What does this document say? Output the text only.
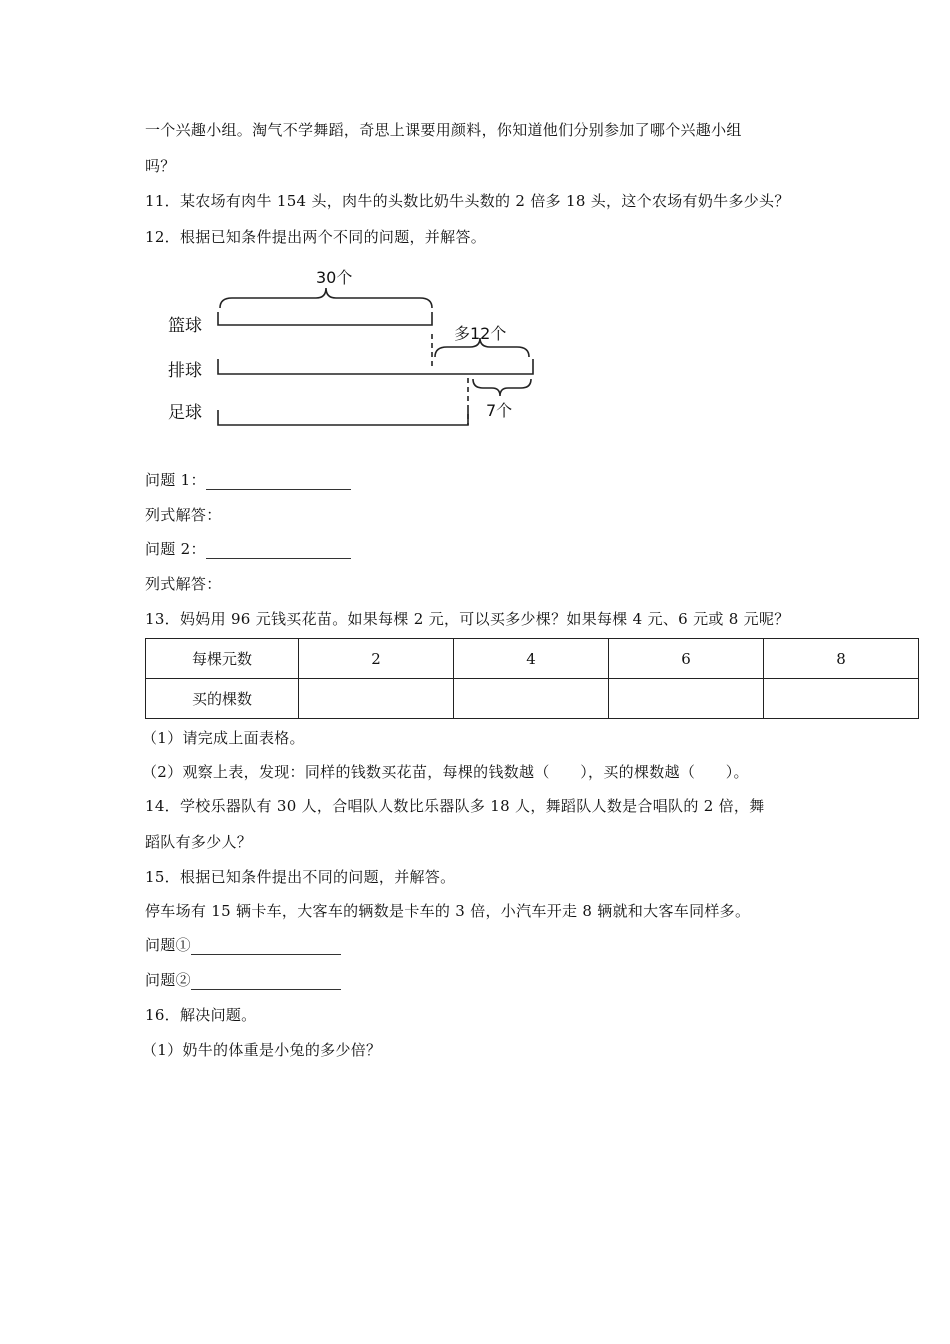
一个兴趣小组。淘气不学舞蹈，奇思上课要用颜料，你知道他们分别参加了哪个兴趣小组
吗？
11．某农场有肉牛 154 头，肉牛的头数比奶牛头数的 2 倍多 18 头，这个农场有奶牛多少头？
12．根据已知条件提出两个不同的问题，并解答。
30个
多12个
7个
篮球
排球
足球
问题 1：
列式解答：
问题 2：
列式解答：
13．妈妈用 96 元钱买花苗。如果每棵 2 元，可以买多少棵？如果每棵 4 元、6 元或 8 元呢？
每棵元数	2	4	6	8
买的棵数				
（1）请完成上面表格。
（2）观察上表，发现：同样的钱数买花苗，每棵的钱数越（　　），买的棵数越（　　）。
14．学校乐器队有 30 人，合唱队人数比乐器队多 18 人，舞蹈队人数是合唱队的 2 倍，舞
蹈队有多少人？
15．根据已知条件提出不同的问题，并解答。
停车场有 15 辆卡车，大客车的辆数是卡车的 3 倍，小汽车开走 8 辆就和大客车同样多。
问题①
问题②
16．解决问题。
（1）奶牛的体重是小兔的多少倍？
